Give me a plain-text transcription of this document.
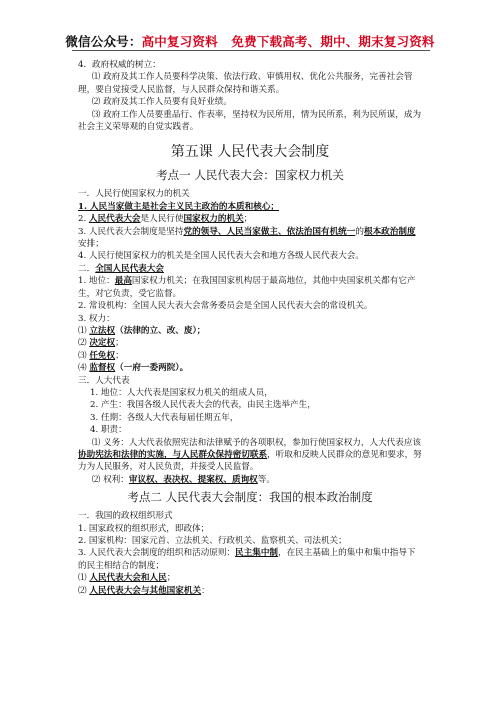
微信公众号：高中复习资料 免费下载高考、期中、期末复习资料

4．政府权威的树立：

⑴ 政府及其工作人员要科学决策、依法行政、审慎用权、优化公共服务，完善社会管理，要自觉接受人民监督，与人民群众保持和谐关系。

⑵ 政府及其工作人员要有良好业绩。

⑶ 政府工作人员要重品行、作表率，坚持权为民所用，情为民所系，利为民所谋，成为社会主义荣辱观的自觉实践者。

第五课 人民代表大会制度
考点一 人民代表大会：国家权力机关

一．人民行使国家权力的机关

1. 人民当家做主是社会主义民主政治的本质和核心；

2. 人民代表大会是人民行使国家权力的机关；

3. 人民代表大会制度是坚持党的领导、人民当家做主、依法治国有机统一的根本政治制度安排；

4. 人民行使国家权力的机关是全国人民代表大会和地方各级人民代表大会。

二．全国人民代表大会

1. 地位：最高国家权力机关；在我国国家机构居于最高地位，其他中央国家机关都有它产生，对它负责，受它监督。

2. 常设机构：全国人民大表大会常务委员会是全国人民代表大会的常设机关。

3. 权力：

⑴ 立法权（法律的立、改、废）；

⑵ 决定权；

⑶ 任免权；

⑷ 监督权（一府一委两院）。

三．人大代表

1. 地位：人大代表是国家权力机关的组成人员，

2. 产生：我国各级人民代表大会的代表，由民主选举产生，

3. 任期：各级人大代表每届任期五年，

4. 职责：

⑴ 义务：人大代表依照宪法和法律赋予的各项职权，参加行使国家权力，人大代表应该协助宪法和法律的实施，与人民群众保持密切联系，听取和反映人民群众的意见和要求，努力为人民服务，对人民负责，并接受人民监督。

⑵ 权利：审议权、表决权、提案权、质询权等。

考点二 人民代表大会制度：我国的根本政治制度

一．我国的政权组织形式

1. 国家政权的组织形式，即政体；

2. 国家机构：国家元首、立法机关、行政机关、监察机关、司法机关；

3. 人民代表大会制度的组织和活动原则：民主集中制，在民主基础上的集中和集中指导下的民主相结合的制度；

⑴ 人民代表大会和人民；

⑵ 人民代表大会与其他国家机关：
